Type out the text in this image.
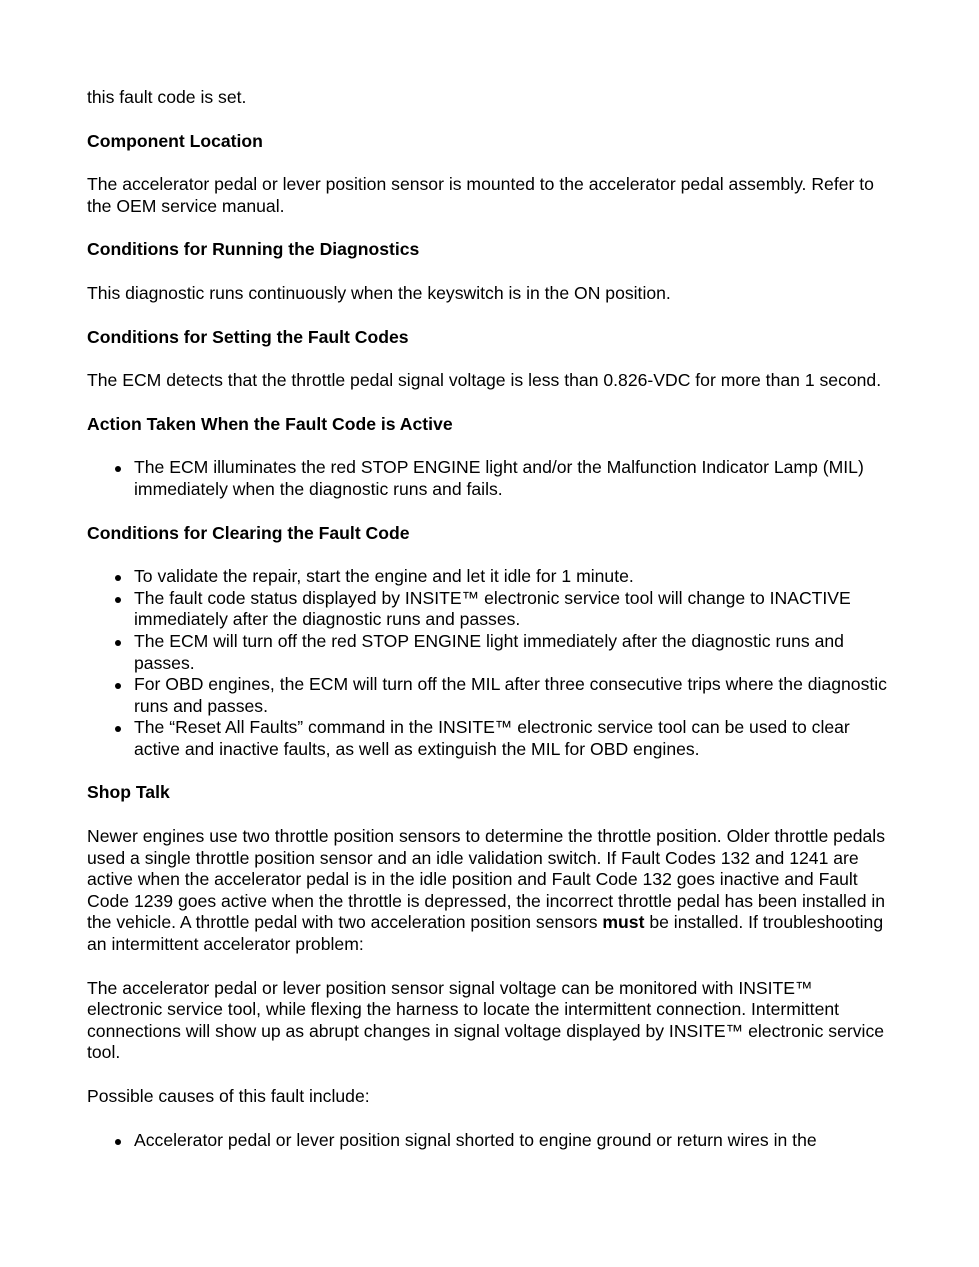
this fault code is set.

Component Location

The accelerator pedal or lever position sensor is mounted to the accelerator pedal assembly. Refer to the OEM service manual.

Conditions for Running the Diagnostics

This diagnostic runs continuously when the keyswitch is in the ON position.

Conditions for Setting the Fault Codes

The ECM detects that the throttle pedal signal voltage is less than 0.826-VDC for more than 1 second.

Action Taken When the Fault Code is Active
The ECM illuminates the red STOP ENGINE light and/or the Malfunction Indicator Lamp (MIL) immediately when the diagnostic runs and fails.
Conditions for Clearing the Fault Code
To validate the repair, start the engine and let it idle for 1 minute.
The fault code status displayed by INSITE™ electronic service tool will change to INACTIVE immediately after the diagnostic runs and passes.
The ECM will turn off the red STOP ENGINE light immediately after the diagnostic runs and passes.
For OBD engines, the ECM will turn off the MIL after three consecutive trips where the diagnostic runs and passes.
The “Reset All Faults” command in the INSITE™ electronic service tool can be used to clear active and inactive faults, as well as extinguish the MIL for OBD engines.
Shop Talk

Newer engines use two throttle position sensors to determine the throttle position. Older throttle pedals used a single throttle position sensor and an idle validation switch. If Fault Codes 132 and 1241 are active when the accelerator pedal is in the idle position and Fault Code 132 goes inactive and Fault Code 1239 goes active when the throttle is depressed, the incorrect throttle pedal has been installed in the vehicle. A throttle pedal with two acceleration position sensors must be installed. If troubleshooting an intermittent accelerator problem:

The accelerator pedal or lever position sensor signal voltage can be monitored with INSITE™ electronic service tool, while flexing the harness to locate the intermittent connection. Intermittent connections will show up as abrupt changes in signal voltage displayed by INSITE™ electronic service tool.

Possible causes of this fault include:

Accelerator pedal or lever position signal shorted to engine ground or return wires in the
